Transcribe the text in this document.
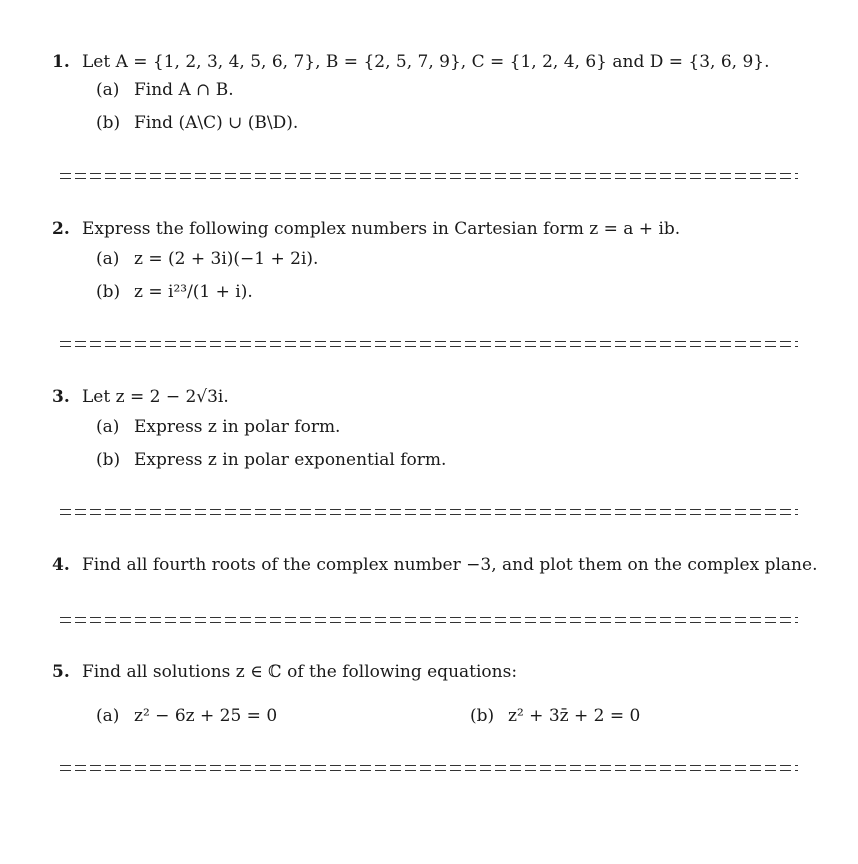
1. Let A = {1, 2, 3, 4, 5, 6, 7}, B = {2, 5, 7, 9}, C = {1, 2, 4, 6} and D = {3, 6, 9}.
(a) Find A ∩ B.
(b) Find (A\C) ∪ (B\D).
2. Express the following complex numbers in Cartesian form z = a + ib.
(a) z = (2 + 3i)(−1 + 2i).
(b) z = i²³/(1 + i).
3. Let z = 2 − 2√3i.
(a) Express z in polar form.
(b) Express z in polar exponential form.
4. Find all fourth roots of the complex number −3, and plot them on the complex plane.
5. Find all solutions z ∈ ℂ of the following equations:
(a) z² − 6z + 25 = 0	(b) z² + 3z̄ + 2 = 0
